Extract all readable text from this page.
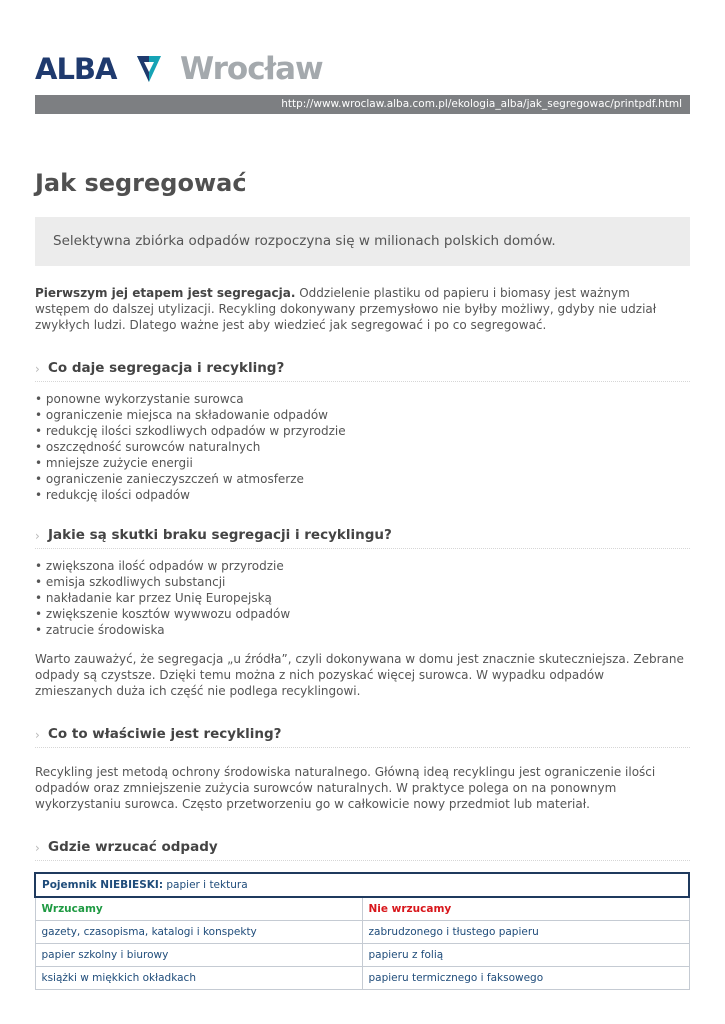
ALBA Wrocław
http://www.wroclaw.alba.com.pl/ekologia_alba/jak_segregowac/printpdf.html
Jak segregować
Selektywna zbiórka odpadów rozpoczyna się w milionach polskich domów.

Pierwszym jej etapem jest segregacja. Oddzielenie plastiku od papieru i biomasy jest ważnym wstępem do dalszej utylizacji. Recykling dokonywany przemysłowo nie byłby możliwy, gdyby nie udział zwykłych ludzi. Dlatego ważne jest aby wiedzieć jak segregować i po co segregować.

› Co daje segregacja i recykling?
• ponowne wykorzystanie surowca
• ograniczenie miejsca na składowanie odpadów
• redukcję ilości szkodliwych odpadów w przyrodzie
• oszczędność surowców naturalnych
• mniejsze zużycie energii
• ograniczenie zanieczyszczeń w atmosferze
• redukcję ilości odpadów
› Jakie są skutki braku segregacji i recyklingu?
• zwiększona ilość odpadów w przyrodzie
• emisja szkodliwych substancji
• nakładanie kar przez Unię Europejską
• zwiększenie kosztów wywwozu odpadów
• zatrucie środowiska

Warto zauważyć, że segregacja „u źródła”, czyli dokonywana w domu jest znacznie skuteczniejsza. Zebrane odpady są czystsze. Dzięki temu można z nich pozyskać więcej surowca. W wypadku odpadów zmieszanych duża ich część nie podlega recyklingowi.

› Co to właściwie jest recykling?

Recykling jest metodą ochrony środowiska naturalnego. Główną ideą recyklingu jest ograniczenie ilości odpadów oraz zmniejszenie zużycia surowców naturalnych. W praktyce polega on na ponownym wykorzystaniu surowca. Często przetworzeniu go w całkowicie nowy przedmiot lub materiał.

› Gdzie wrzucać odpady
Pojemnik NIEBIESKI: papier i tektura	
Wrzucamy	Nie wrzucamy
gazety, czasopisma, katalogi i konspekty	zabrudzonego i tłustego papieru
papier szkolny i biurowy	papieru z folią
książki w miękkich okładkach	papieru termicznego i faksowego
